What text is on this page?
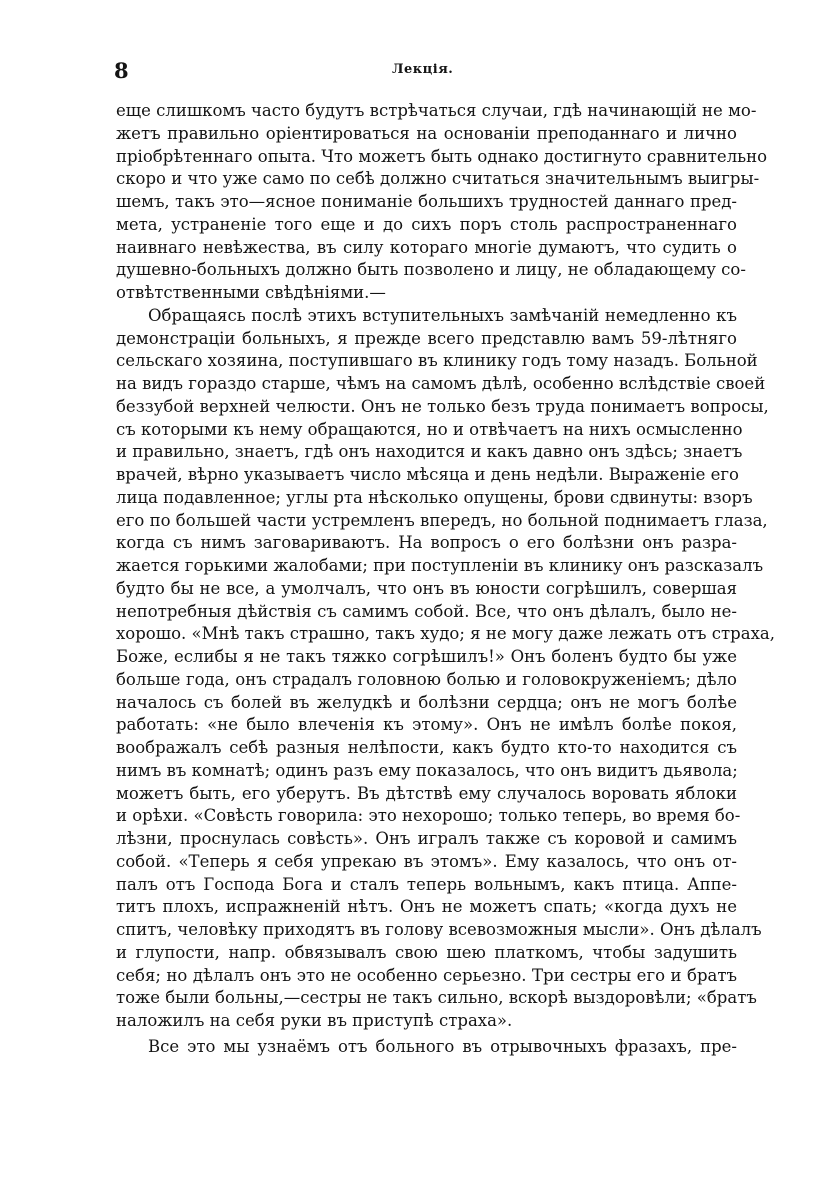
8	Лекція.
еще слишкомъ часто будутъ встрѣчаться случаи, гдѣ начинающій не мо-
жетъ правильно оріентироваться на основаніи преподаннаго и лично
пріобрѣтеннаго опыта. Что можетъ быть однако достигнуто сравнительно
скоро и что уже само по себѣ должно считаться значительнымъ выигры-
шемъ, такъ это—ясное пониманіе большихъ трудностей даннаго пред-
мета, устраненіе того еще и до сихъ поръ столь распространеннаго
наивнаго невѣжества, въ силу котораго многіе думаютъ, что судить о
душевно-больныхъ должно быть позволено и лицу, не обладающему со-
отвѣтственными свѣдѣніями.—
Обращаясь послѣ этихъ вступительныхъ замѣчаній немедленно къ
демонстраціи больныхъ, я прежде всего представлю вамъ 59-лѣтняго
сельскаго хозяина, поступившаго въ клинику годъ тому назадъ. Больной
на видъ гораздо старше, чѣмъ на самомъ дѣлѣ, особенно вслѣдствіе своей
беззубой верхней челюсти. Онъ не только безъ труда понимаетъ вопросы,
съ которыми къ нему обращаются, но и отвѣчаетъ на нихъ осмысленно
и правильно, знаетъ, гдѣ онъ находится и какъ давно онъ здѣсь; знаетъ
врачей, вѣрно указываетъ число мѣсяца и день недѣли. Выраженіе его
лица подавленное; углы рта нѣсколько опущены, брови сдвинуты: взоръ
его по большей части устремленъ впередъ, но больной поднимаетъ глаза,
когда съ нимъ заговариваютъ. На вопросъ о его болѣзни онъ разра-
жается горькими жалобами; при поступленіи въ клинику онъ разсказалъ
будто бы не все, а умолчалъ, что онъ въ юности согрѣшилъ, совершая
непотребныя дѣйствія съ самимъ собой. Все, что онъ дѣлалъ, было не-
хорошо. «Мнѣ такъ страшно, такъ худо; я не могу даже лежать отъ страха,
Боже, еслибы я не такъ тяжко согрѣшилъ!» Онъ боленъ будто бы уже
больше года, онъ страдалъ головною болью и головокруженіемъ; дѣло
началось съ болей въ желудкѣ и болѣзни сердца; онъ не могъ болѣе
работать: «не было влеченія къ этому». Онъ не имѣлъ болѣе покоя,
воображалъ себѣ разныя нелѣпости, какъ будто кто-то находится съ
нимъ въ комнатѣ; одинъ разъ ему показалось, что онъ видитъ дьявола;
можетъ быть, его уберутъ. Въ дѣтствѣ ему случалось воровать яблоки
и орѣхи. «Совѣсть говорила: это нехорошо; только теперь, во время бо-
лѣзни, проснулась совѣсть». Онъ игралъ также съ коровой и самимъ
собой. «Теперь я себя упрекаю въ этомъ». Ему казалось, что онъ от-
палъ отъ Господа Бога и сталъ теперь вольнымъ, какъ птица. Аппе-
титъ плохъ, испражненій нѣтъ. Онъ не можетъ спать; «когда духъ не
спитъ, человѣку приходятъ въ голову всевозможныя мысли». Онъ дѣлалъ
и глупости, напр. обвязывалъ свою шею платкомъ, чтобы задушить
себя; но дѣлалъ онъ это не особенно серьезно. Три сестры его и братъ
тоже были больны,—сестры не такъ сильно, вскорѣ выздоровѣли; «братъ
наложилъ на себя руки въ приступѣ страха».
Все это мы узнаёмъ отъ больного въ отрывочныхъ фразахъ, пре-
